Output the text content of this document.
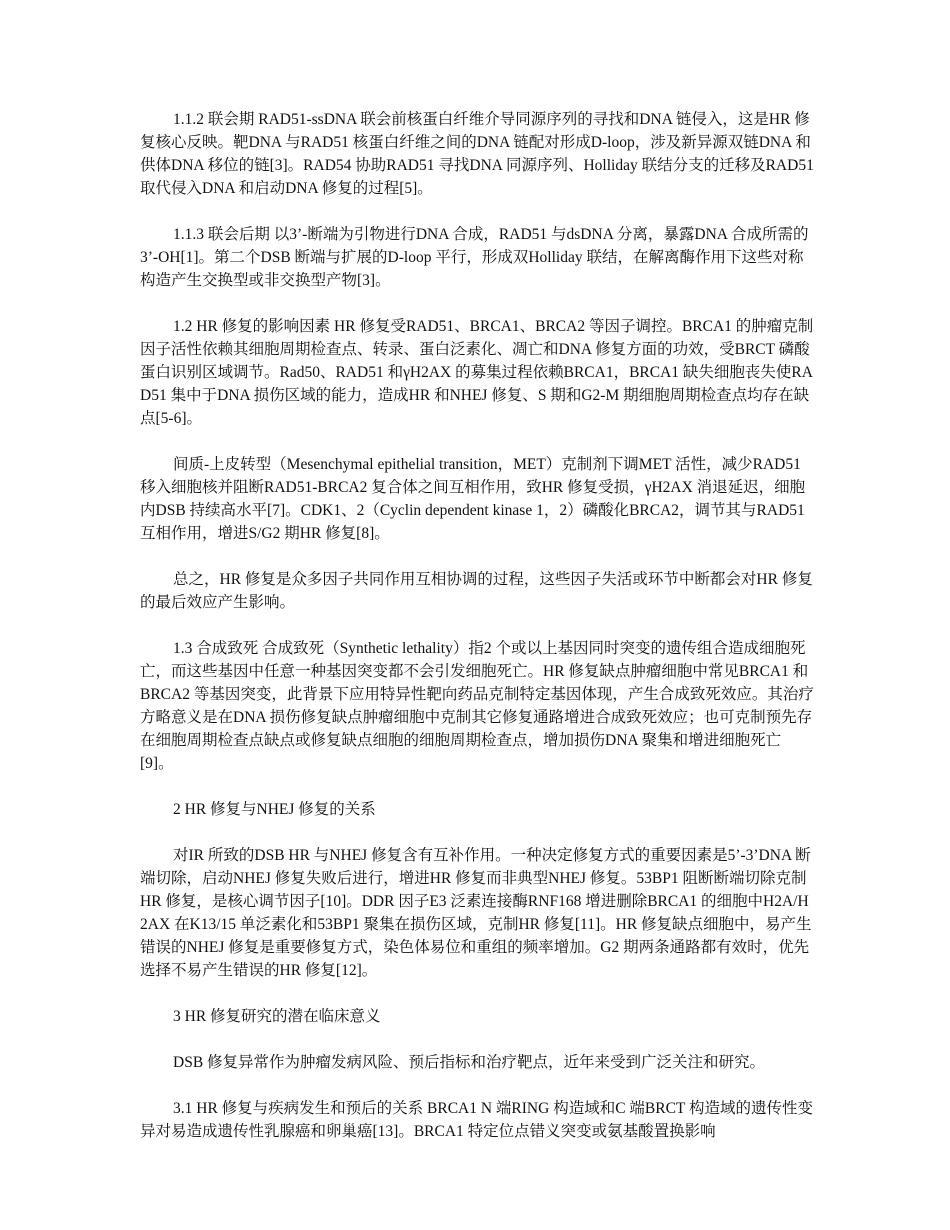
1.1.2 联会期 RAD51-ssDNA 联会前核蛋白纤维介导同源序列的寻找和DNA 链侵入，这是HR 修复核心反映。靶DNA 与RAD51 核蛋白纤维之间的DNA 链配对形成D-loop，涉及新异源双链DNA 和供体DNA 移位的链[3]。RAD54 协助RAD51 寻找DNA 同源序列、Holliday 联结分支的迁移及RAD51 取代侵入DNA 和启动DNA 修复的过程[5]。

1.1.3 联会后期 以3’-断端为引物进行DNA 合成，RAD51 与dsDNA 分离，暴露DNA 合成所需的3’-OH[1]。第二个DSB 断端与扩展的D-loop 平行，形成双Holliday 联结，在解离酶作用下这些对称构造产生交换型或非交换型产物[3]。

1.2 HR 修复的影响因素 HR 修复受RAD51、BRCA1、BRCA2 等因子调控。BRCA1 的肿瘤克制因子活性依赖其细胞周期检查点、转录、蛋白泛素化、凋亡和DNA 修复方面的功效，受BRCT 磷酸蛋白识别区域调节。Rad50、RAD51 和γH2AX 的募集过程依赖BRCA1，BRCA1 缺失细胞丧失使RAD51 集中于DNA 损伤区域的能力，造成HR 和NHEJ 修复、S 期和G2-M 期细胞周期检查点均存在缺点[5-6]。

间质-上皮转型（Mesenchymal epithelial transition，MET）克制剂下调MET 活性，减少RAD51 移入细胞核并阻断RAD51-BRCA2 复合体之间互相作用，致HR 修复受损，γH2AX 消退延迟，细胞内DSB 持续高水平[7]。CDK1、2（Cyclin dependent kinase 1，2）磷酸化BRCA2，调节其与RAD51 互相作用，增进S/G2 期HR 修复[8]。

总之，HR 修复是众多因子共同作用互相协调的过程，这些因子失活或环节中断都会对HR 修复的最后效应产生影响。

1.3 合成致死 合成致死（Synthetic lethality）指2 个或以上基因同时突变的遗传组合造成细胞死亡，而这些基因中任意一种基因突变都不会引发细胞死亡。HR 修复缺点肿瘤细胞中常见BRCA1 和BRCA2 等基因突变，此背景下应用特异性靶向药品克制特定基因体现，产生合成致死效应。其治疗方略意义是在DNA 损伤修复缺点肿瘤细胞中克制其它修复通路增进合成致死效应；也可克制预先存在细胞周期检查点缺点或修复缺点细胞的细胞周期检查点，增加损伤DNA 聚集和增进细胞死亡[9]。

2 HR 修复与NHEJ 修复的关系

对IR 所致的DSB HR 与NHEJ 修复含有互补作用。一种决定修复方式的重要因素是5’-3’DNA 断端切除，启动NHEJ 修复失败后进行，增进HR 修复而非典型NHEJ 修复。53BP1 阻断断端切除克制HR 修复，是核心调节因子[10]。DDR 因子E3 泛素连接酶RNF168 增进删除BRCA1 的细胞中H2A/H2AX 在K13/15 单泛素化和53BP1 聚集在损伤区域，克制HR 修复[11]。HR 修复缺点细胞中，易产生错误的NHEJ 修复是重要修复方式，染色体易位和重组的频率增加。G2 期两条通路都有效时，优先选择不易产生错误的HR 修复[12]。

3 HR 修复研究的潜在临床意义

DSB 修复异常作为肿瘤发病风险、预后指标和治疗靶点，近年来受到广泛关注和研究。

3.1 HR 修复与疾病发生和预后的关系 BRCA1 N 端RING 构造域和C 端BRCT 构造域的遗传性变异对易造成遗传性乳腺癌和卵巢癌[13]。BRCA1 特定位点错义突变或氨基酸置换影响
